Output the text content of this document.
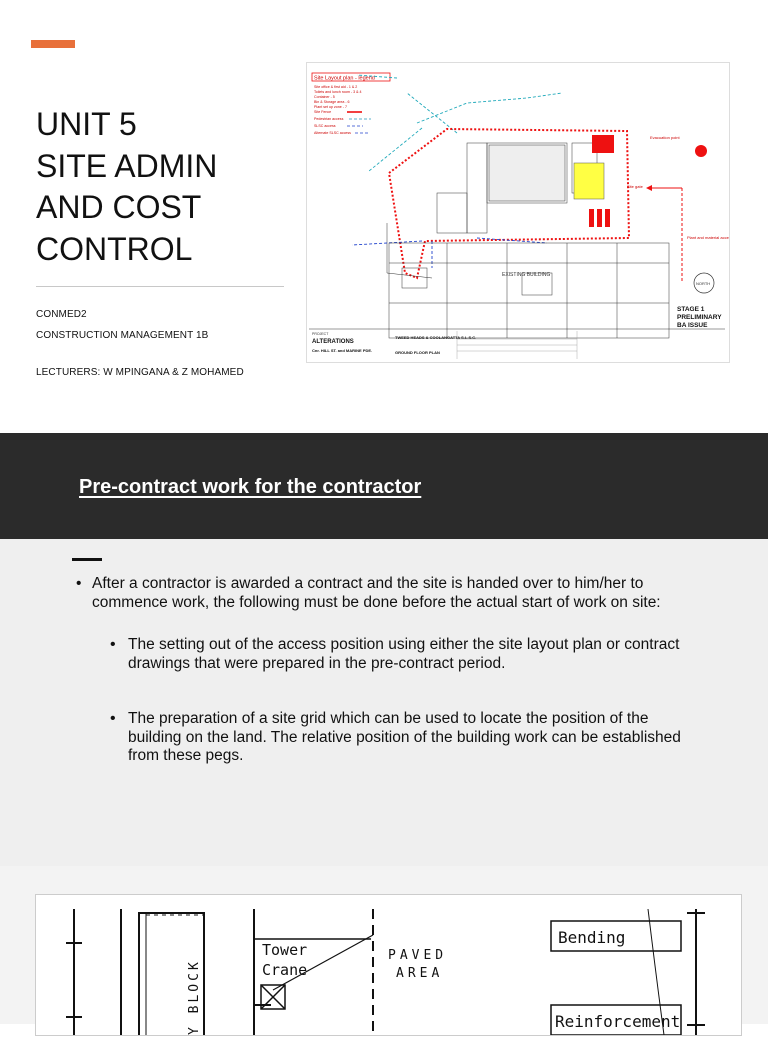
UNIT 5
SITE ADMIN
AND COST
CONTROL
CONMED2
CONSTRUCTION MANAGEMENT 1B
LECTURERS: W MPINGANA & Z MOHAMED
Site Layout plan - legend
Site office & first aid - 1 & 2
Toilets and lunch room - 3 & 4
Container - 5
Bin & Storage area - 6
Plant set up zone - 7
Site Fence
Pedestrian access
SLSC access
Alternate SLSC access
EXISTING BUILDING
Evacuation point
Site gate
Plant and material access
NORTH
STAGE 1
PRELIMINARY
BA ISSUE
PROJECT
ALTERATIONS
Cnr. HILL ST. and MARINE PDE.
TWEED HEADS & COOLANGATTA S.L.S.C.
GROUND FLOOR PLAN
Pre-contract work for the contractor
• After a contractor is awarded a contract and the site is handed over to him/her to commence work, the following must be done before the actual start of work on site:
• The setting out of the access position using either the site layout plan or contract drawings that were prepared in the pre-contract period.
• The preparation of a site grid which can be used to locate the position of the building on the land. The relative position of the building work can be established from these pegs.
Y BLOCK
Tower
Crane
PAVED
AREA
Bending
Reinforcement
